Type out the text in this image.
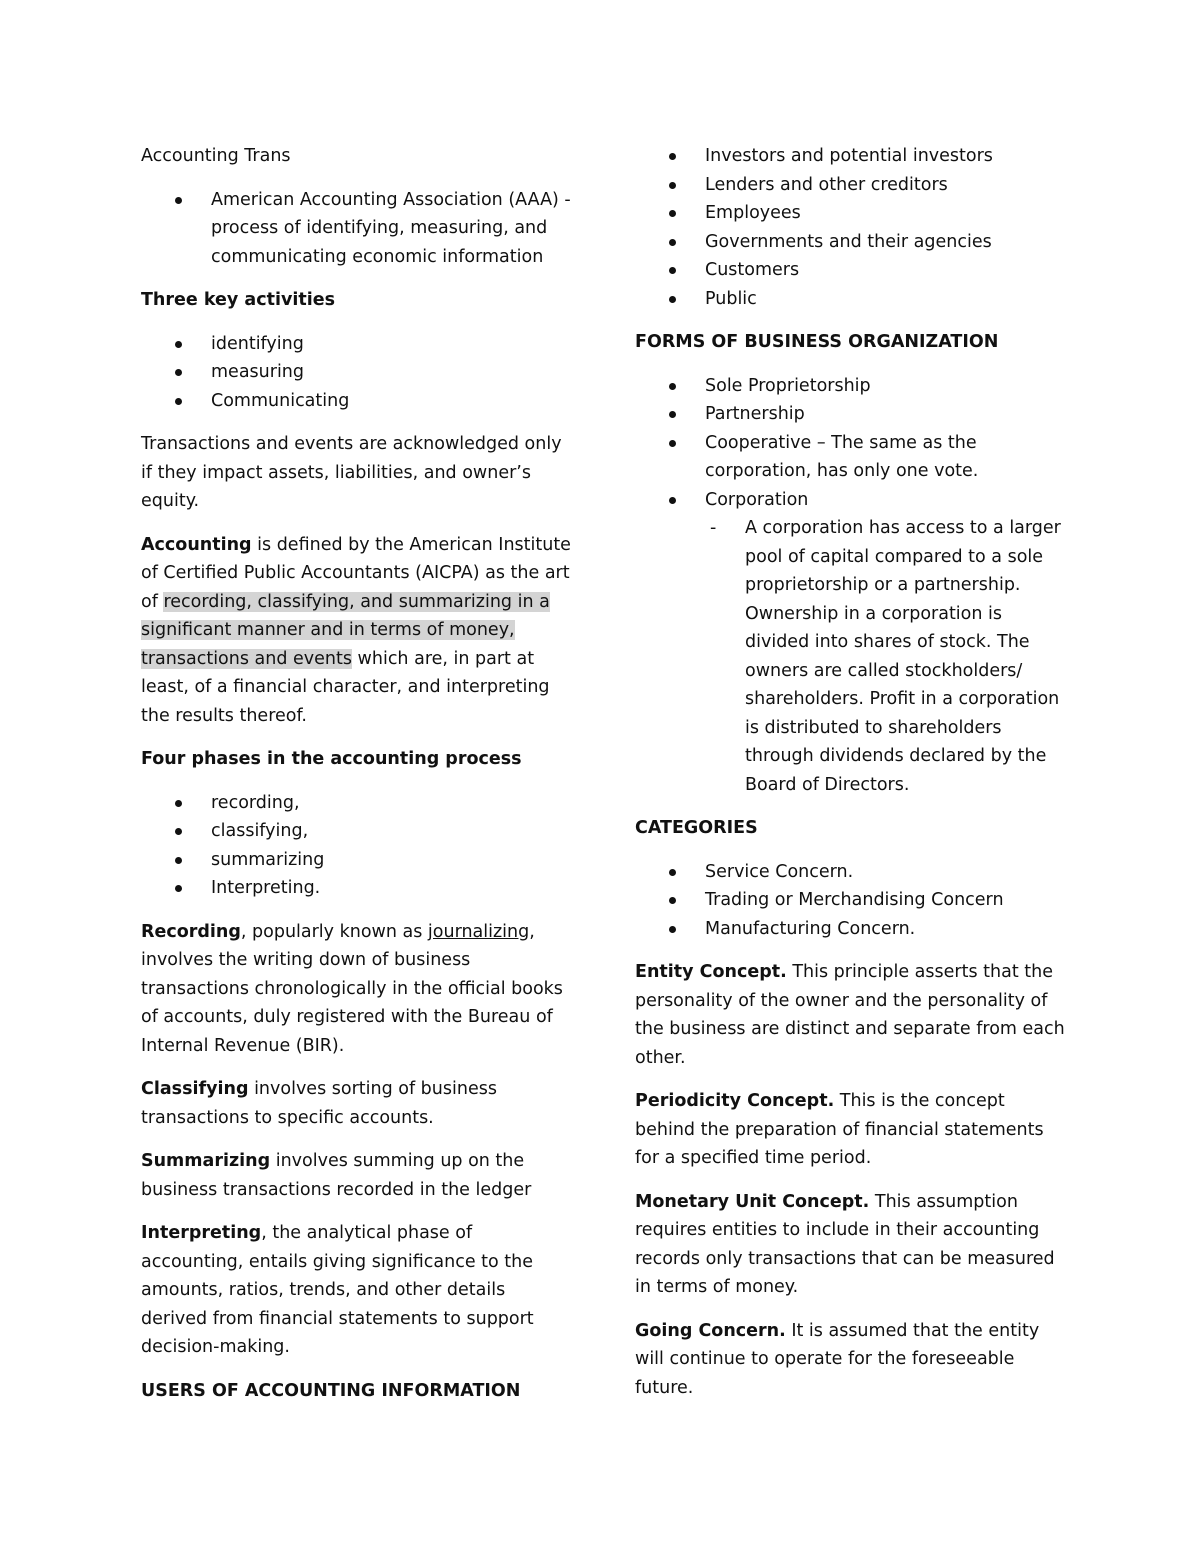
Accounting Trans

American Accounting Association (AAA) -process of identifying, measuring, and communicating economic information
Three key activities
identifying
measuring
Communicating

Transactions and events are acknowledged only if they impact assets, liabilities, and owner’s equity.

Accounting is defined by the American Institute of Certified Public Accountants (AICPA) as the art of recording, classifying, and summarizing in a significant manner and in terms of money, transactions and events which are, in part at least, of a financial character, and interpreting the results thereof.

Four phases in the accounting process
recording,
classifying,
summarizing
Interpreting.

Recording, popularly known as journalizing, involves the writing down of business transactions chronologically in the official books of accounts, duly registered with the Bureau of Internal Revenue (BIR).

Classifying involves sorting of business transactions to specific accounts.

Summarizing involves summing up on the business transactions recorded in the ledger

Interpreting, the analytical phase of accounting, entails giving significance to the amounts, ratios, trends, and other details derived from financial statements to support decision-making.

USERS OF ACCOUNTING INFORMATION
Investors and potential investors
Lenders and other creditors
Employees
Governments and their agencies
Customers
Public
FORMS OF BUSINESS ORGANIZATION
Sole Proprietorship
Partnership
Cooperative – The same as the corporation, has only one vote.
Corporation
- A corporation has access to a larger pool of capital compared to a sole proprietorship or a partnership. Ownership in a corporation is divided into shares of stock. The owners are called stockholders/ shareholders. Profit in a corporation is distributed to shareholders through dividends declared by the Board of Directors.
CATEGORIES
Service Concern.
Trading or Merchandising Concern
Manufacturing Concern.

Entity Concept. This principle asserts that the personality of the owner and the personality of the business are distinct and separate from each other.

Periodicity Concept. This is the concept behind the preparation of financial statements for a specified time period.

Monetary Unit Concept. This assumption requires entities to include in their accounting records only transactions that can be measured in terms of money.

Going Concern. It is assumed that the entity will continue to operate for the foreseeable future.
